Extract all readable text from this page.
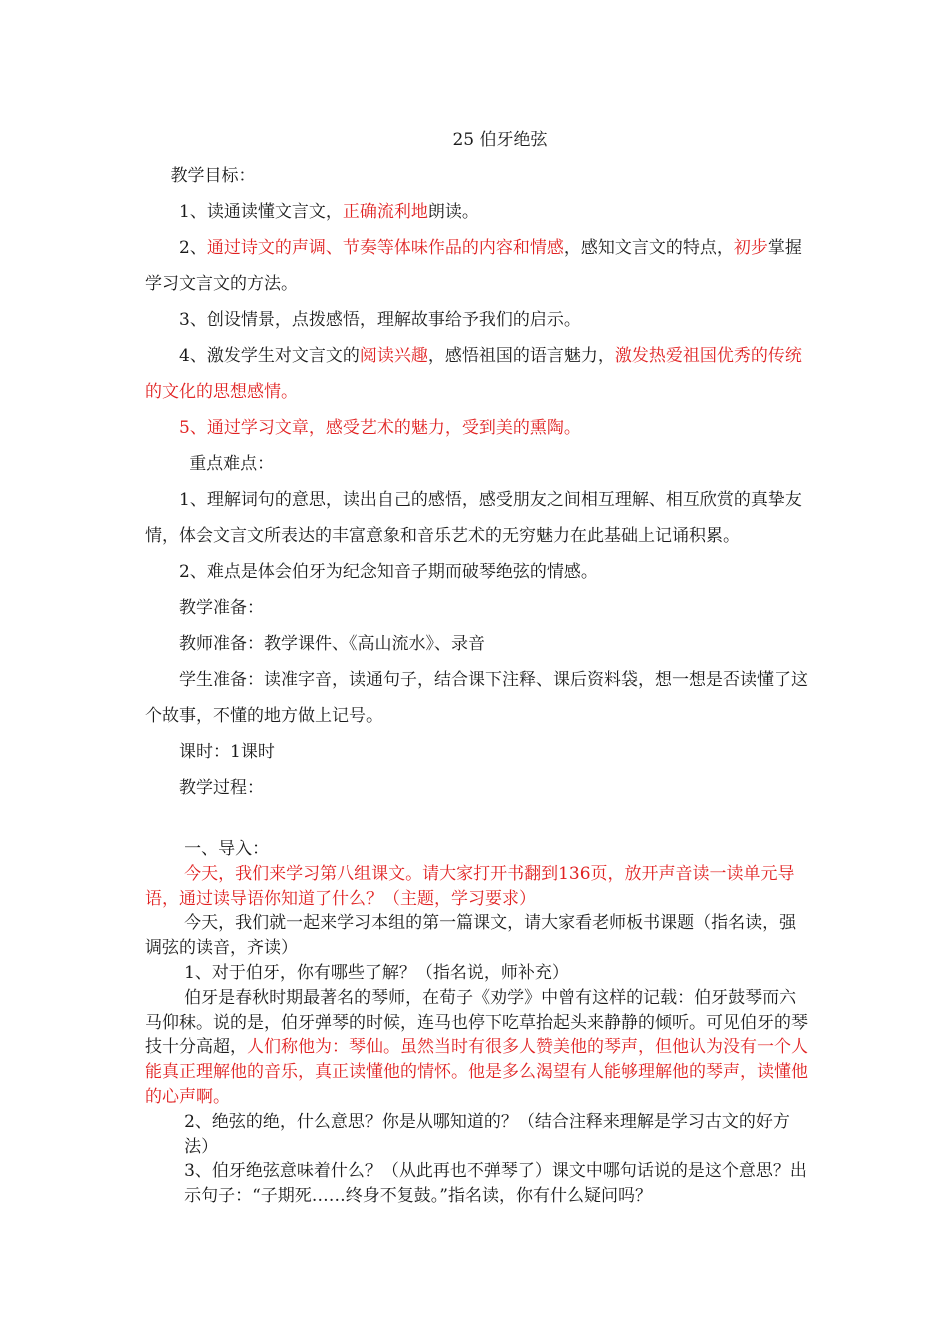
25 伯牙绝弦

教学目标：

1、读通读懂文言文，正确流利地朗读。

2、通过诗文的声调、节奏等体味作品的内容和情感，感知文言文的特点，初步掌握学习文言文的方法。

3、创设情景，点拨感悟，理解故事给予我们的启示。

4、激发学生对文言文的阅读兴趣，感悟祖国的语言魅力，激发热爱祖国优秀的传统的文化的思想感情。

5、通过学习文章，感受艺术的魅力，受到美的熏陶。

重点难点：

1、理解词句的意思，读出自己的感悟，感受朋友之间相互理解、相互欣赏的真挚友情，体会文言文所表达的丰富意象和音乐艺术的无穷魅力在此基础上记诵积累。

2、难点是体会伯牙为纪念知音子期而破琴绝弦的情感。

教学准备：

教师准备：教学课件、《高山流水》、录音

学生准备：读准字音，读通句子，结合课下注释、课后资料袋，想一想是否读懂了这个故事，不懂的地方做上记号。

课时：1课时

教学过程：

一、导入：

今天，我们来学习第八组课文。请大家打开书翻到136页，放开声音读一读单元导语，通过读导语你知道了什么？（主题，学习要求）

今天，我们就一起来学习本组的第一篇课文，请大家看老师板书课题（指名读，强调弦的读音，齐读）

1、对于伯牙，你有哪些了解？（指名说，师补充）

伯牙是春秋时期最著名的琴师，在荀子《劝学》中曾有这样的记载：伯牙鼓琴而六马仰秣。说的是，伯牙弹琴的时候，连马也停下吃草抬起头来静静的倾听。可见伯牙的琴技十分高超，人们称他为：琴仙。虽然当时有很多人赞美他的琴声，但他认为没有一个人能真正理解他的音乐，真正读懂他的情怀。他是多么渴望有人能够理解他的琴声，读懂他的心声啊。

2、绝弦的绝，什么意思？你是从哪知道的？（结合注释来理解是学习古文的好方法）

3、伯牙绝弦意味着什么？（从此再也不弹琴了）课文中哪句话说的是这个意思？出示句子：“子期死……终身不复鼓。”指名读，你有什么疑问吗？
